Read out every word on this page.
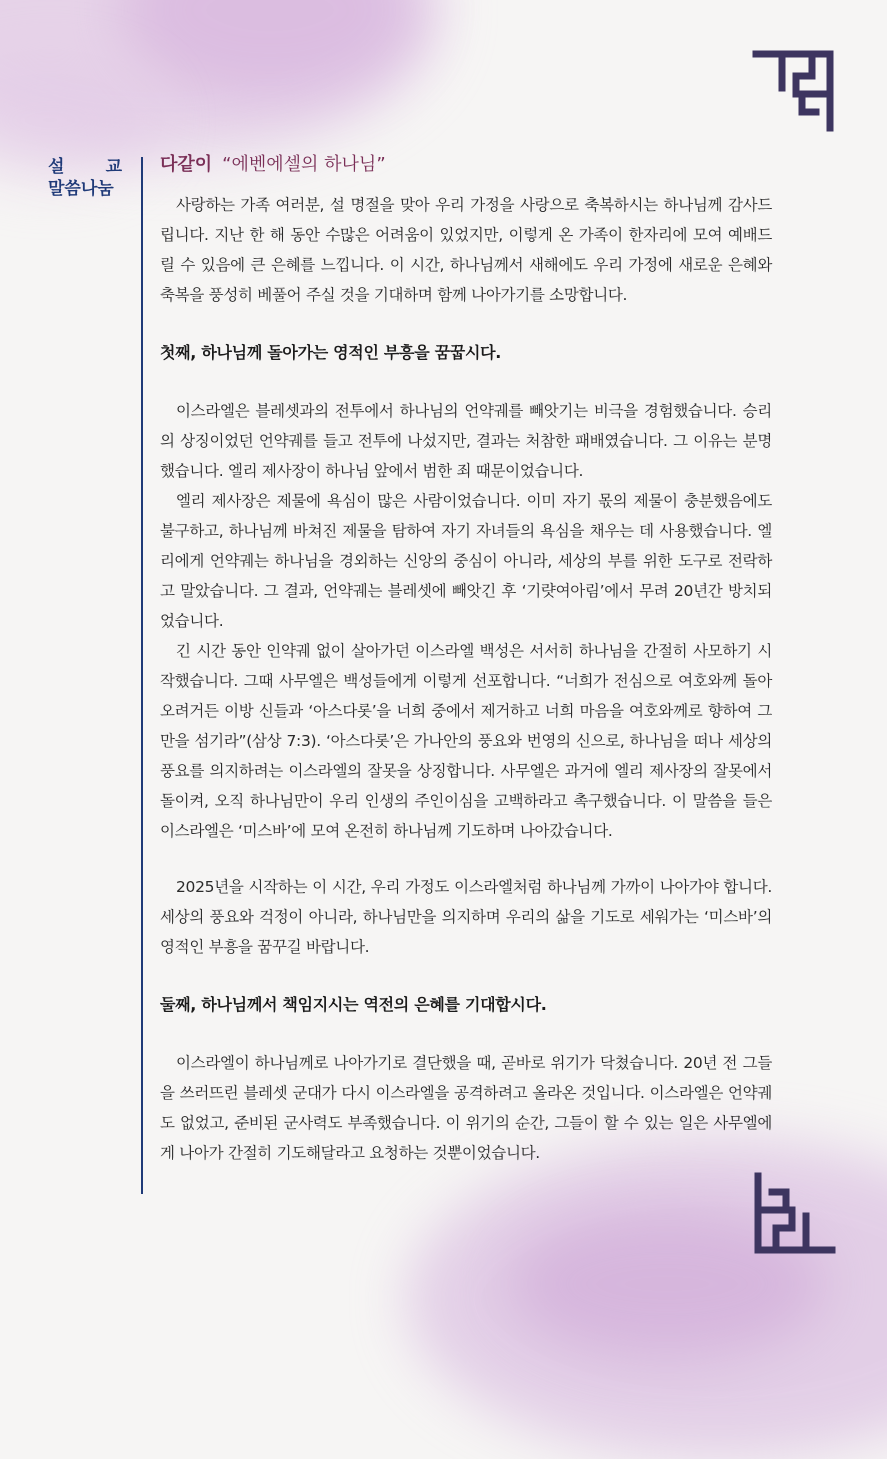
설 교
말씀나눔
다같이 “에벤에셀의 하나님”

사랑하는 가족 여러분, 설 명절을 맞아 우리 가정을 사랑으로 축복하시는 하나님께 감사드립니다. 지난 한 해 동안 수많은 어려움이 있었지만, 이렇게 온 가족이 한자리에 모여 예배드릴 수 있음에 큰 은혜를 느낍니다. 이 시간, 하나님께서 새해에도 우리 가정에 새로운 은혜와 축복을 풍성히 베풀어 주실 것을 기대하며 함께 나아가기를 소망합니다.

첫째, 하나님께 돌아가는 영적인 부흥을 꿈꿉시다.

이스라엘은 블레셋과의 전투에서 하나님의 언약궤를 빼앗기는 비극을 경험했습니다. 승리의 상징이었던 언약궤를 들고 전투에 나섰지만, 결과는 처참한 패배였습니다. 그 이유는 분명했습니다. 엘리 제사장이 하나님 앞에서 범한 죄 때문이었습니다.

엘리 제사장은 제물에 욕심이 많은 사람이었습니다. 이미 자기 몫의 제물이 충분했음에도 불구하고, 하나님께 바쳐진 제물을 탐하여 자기 자녀들의 욕심을 채우는 데 사용했습니다. 엘리에게 언약궤는 하나님을 경외하는 신앙의 중심이 아니라, 세상의 부를 위한 도구로 전락하고 말았습니다. 그 결과, 언약궤는 블레셋에 빼앗긴 후 ‘기럇여아림’에서 무려 20년간 방치되었습니다.

긴 시간 동안 인약궤 없이 살아가던 이스라엘 백성은 서서히 하나님을 간절히 사모하기 시작했습니다. 그때 사무엘은 백성들에게 이렇게 선포합니다. “너희가 전심으로 여호와께 돌아오려거든 이방 신들과 ‘아스다롯’을 너희 중에서 제거하고 너희 마음을 여호와께로 향하여 그만을 섬기라”(삼상 7:3). ‘아스다롯’은 가나안의 풍요와 번영의 신으로, 하나님을 떠나 세상의 풍요를 의지하려는 이스라엘의 잘못을 상징합니다. 사무엘은 과거에 엘리 제사장의 잘못에서 돌이켜, 오직 하나님만이 우리 인생의 주인이심을 고백하라고 촉구했습니다. 이 말씀을 들은 이스라엘은 ‘미스바’에 모여 온전히 하나님께 기도하며 나아갔습니다.

2025년을 시작하는 이 시간, 우리 가정도 이스라엘처럼 하나님께 가까이 나아가야 합니다. 세상의 풍요와 걱정이 아니라, 하나님만을 의지하며 우리의 삶을 기도로 세워가는 ‘미스바’의 영적인 부흥을 꿈꾸길 바랍니다.

둘째, 하나님께서 책임지시는 역전의 은혜를 기대합시다.

이스라엘이 하나님께로 나아가기로 결단했을 때, 곧바로 위기가 닥쳤습니다. 20년 전 그들을 쓰러뜨린 블레셋 군대가 다시 이스라엘을 공격하려고 올라온 것입니다. 이스라엘은 언약궤도 없었고, 준비된 군사력도 부족했습니다. 이 위기의 순간, 그들이 할 수 있는 일은 사무엘에게 나아가 간절히 기도해달라고 요청하는 것뿐이었습니다.
